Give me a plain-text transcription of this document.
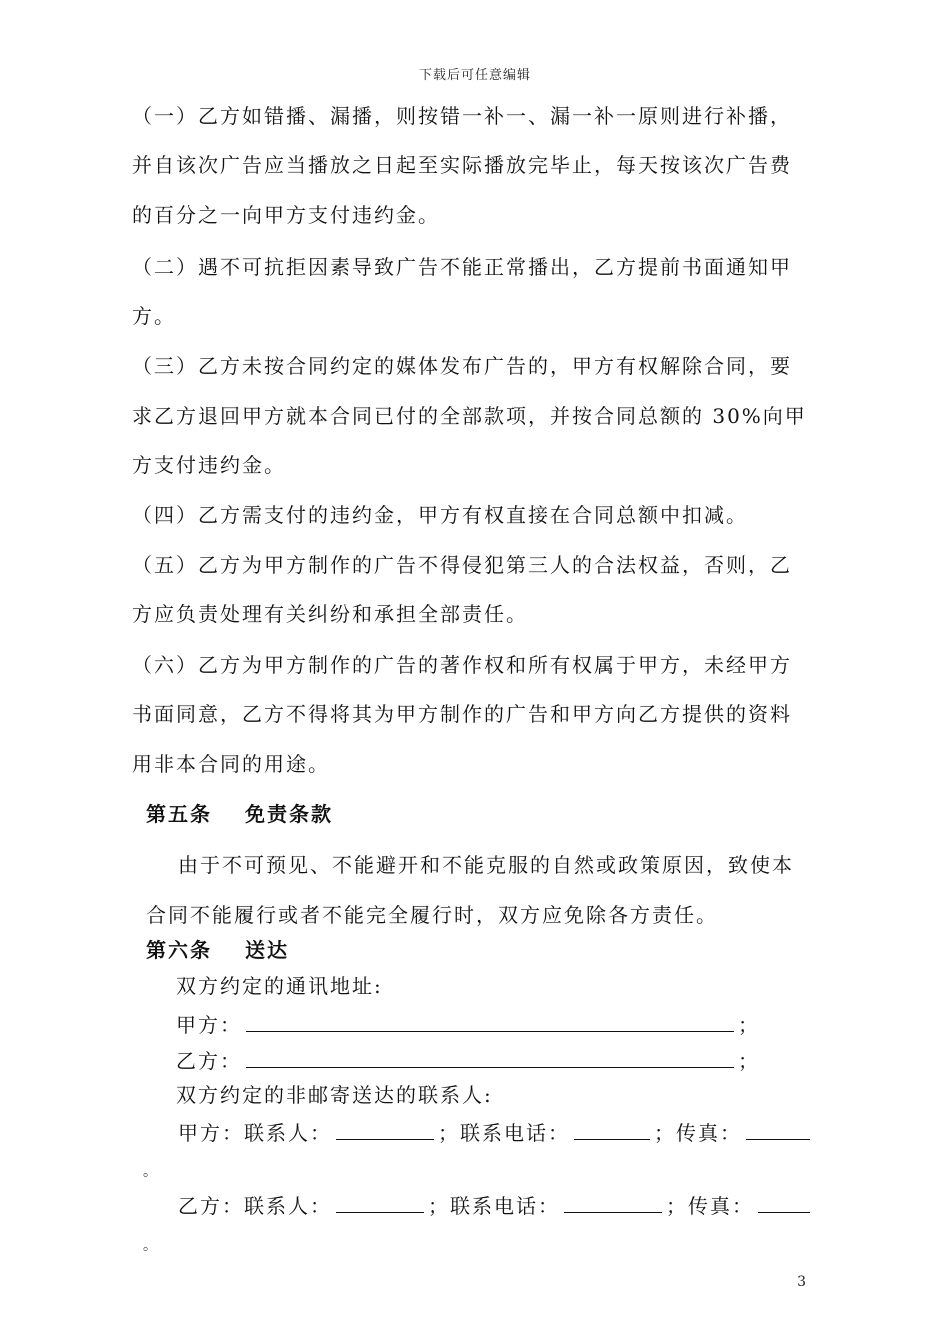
下载后可任意编辑
（一）乙方如错播、漏播，则按错一补一、漏一补一原则进行补播，
并自该次广告应当播放之日起至实际播放完毕止，每天按该次广告费
的百分之一向甲方支付违约金。
（二）遇不可抗拒因素导致广告不能正常播出，乙方提前书面通知甲
方。
（三）乙方未按合同约定的媒体发布广告的，甲方有权解除合同，要
求乙方退回甲方就本合同已付的全部款项，并按合同总额的 30%向甲
方支付违约金。
（四）乙方需支付的违约金，甲方有权直接在合同总额中扣减。
（五）乙方为甲方制作的广告不得侵犯第三人的合法权益，否则，乙
方应负责处理有关纠纷和承担全部责任。
（六）乙方为甲方制作的广告的著作权和所有权属于甲方，未经甲方
书面同意，乙方不得将其为甲方制作的广告和甲方向乙方提供的资料
用非本合同的用途。
第五条 免责条款
由于不可预见、不能避开和不能克服的自然或政策原因，致使本
合同不能履行或者不能完全履行时，双方应免除各方责任。
第六条 送达
双方约定的通讯地址:
甲方：	；
乙方：	；
双方约定的非邮寄送达的联系人:
甲方：联系人：	；联系电话：	；传真：
。
乙方：联系人：	；联系电话：	；传真：
。
3
